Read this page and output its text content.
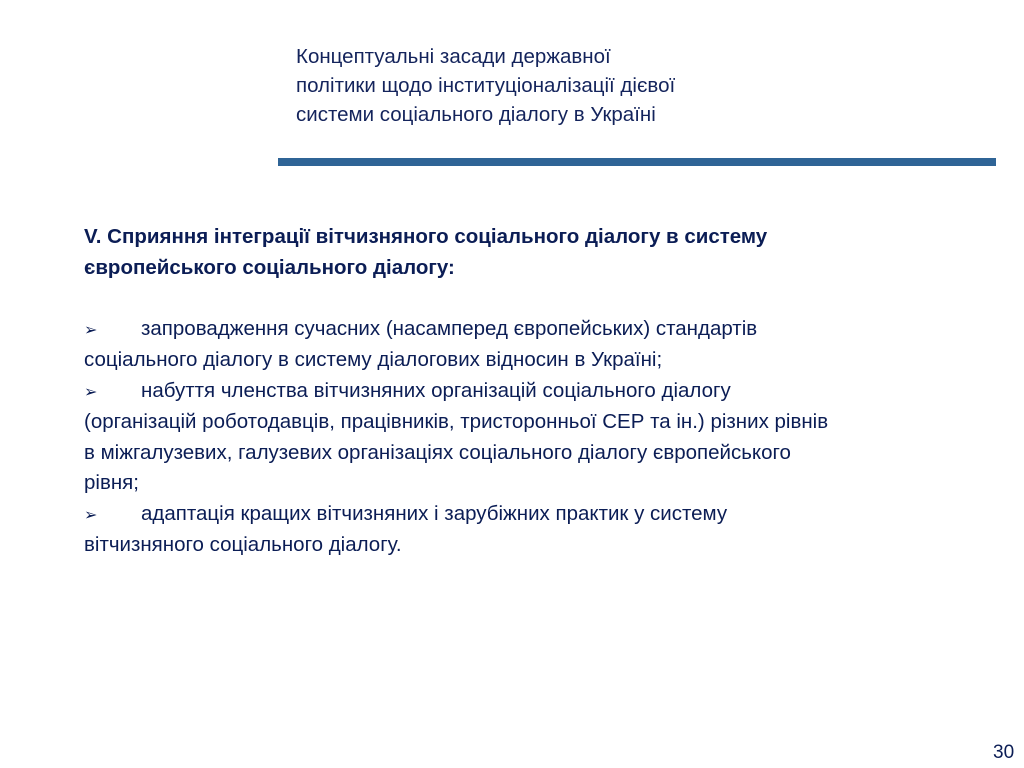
Концептуальні засади державної
політики щодо інституціоналізації дієвої
системи соціального діалогу в Україні
V. Сприяння інтеграції вітчизняного соціального діалогу в систему
європейського соціального діалогу:
➢ запровадження сучасних (насамперед європейських) стандартів
соціального діалогу в систему діалогових відносин в Україні;
➢ набуття членства вітчизняних організацій соціального діалогу
(організацій роботодавців, працівників, тристоронньої СЕР та ін.) різних рівнів
в міжгалузевих, галузевих організаціях соціального діалогу європейського
рівня;
➢ адаптація кращих вітчизняних і зарубіжних практик у систему
вітчизняного соціального діалогу.
30
